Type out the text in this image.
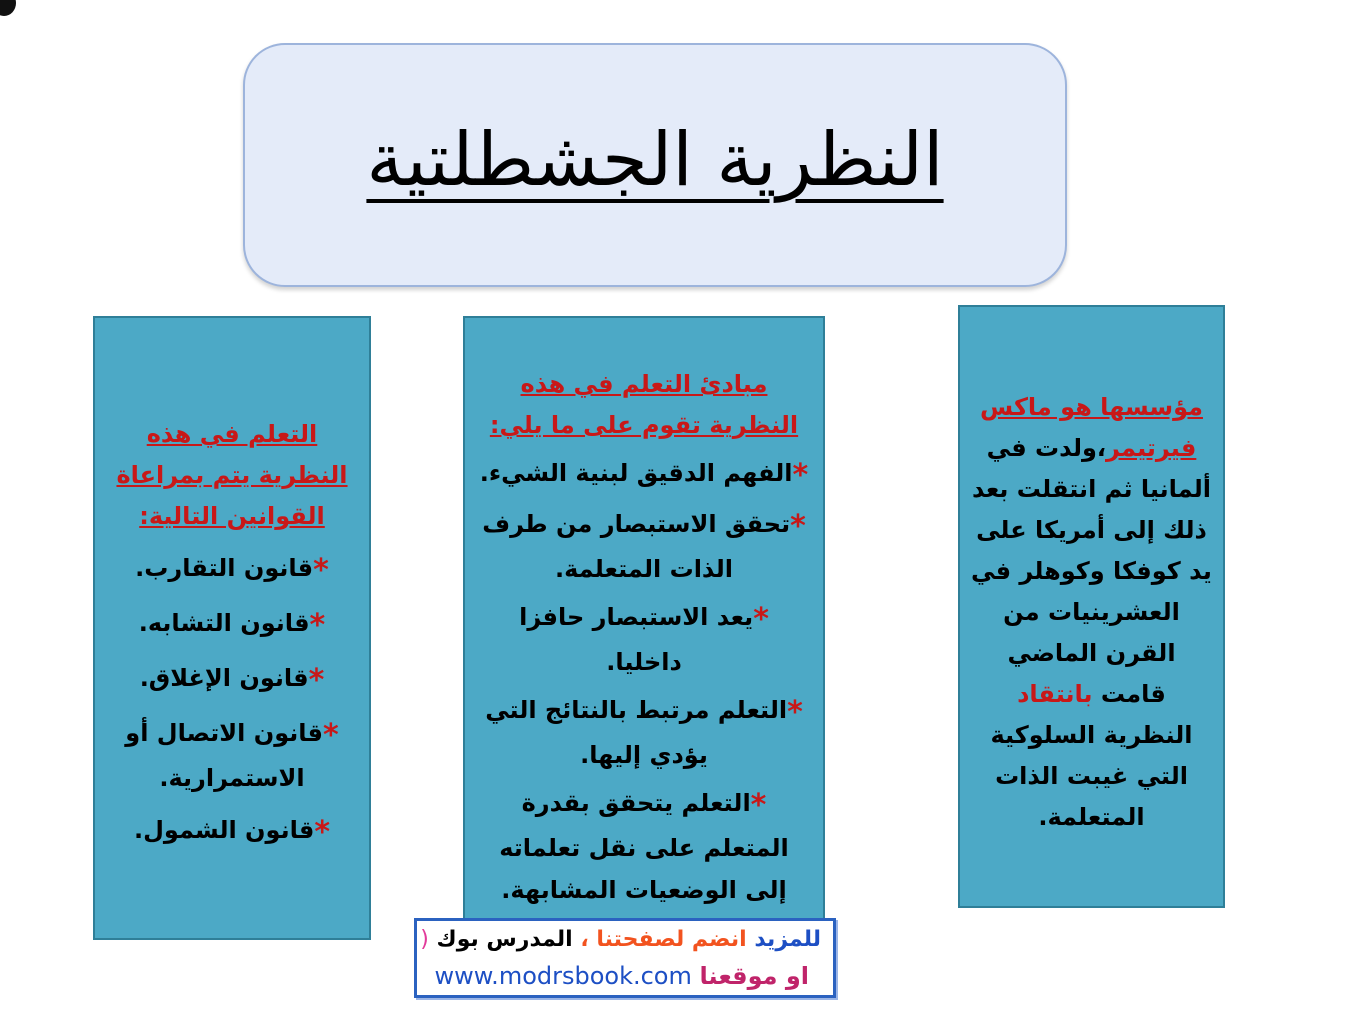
النظرية الجشطلتية
مؤسسها هو ماكس فيرتيمر،ولدت في ألمانيا ثم انتقلت بعد ذلك إلى أمريكا على يد كوفكا وكوهلر في العشرينيات من القرن الماضي
قامت بانتقاد النظرية السلوكية التي غيبت الذات المتعلمة.
مبادئ التعلم في هذه النظرية تقوم على ما يلي:
*الفهم الدقيق لبنية الشيء.
*تحقق الاستبصار من طرف الذات المتعلمة.
*يعد الاستبصار حافزا داخليا.
*التعلم مرتبط بالنتائج التي يؤدي إليها.
*التعلم يتحقق بقدرة المتعلم على نقل تعلماته إلى الوضعيات المشابهة.
التعلم في هذه النظرية يتم بمراعاة القوانين التالية:
*قانون التقارب.
*قانون التشابه.
*قانون الإغلاق.
*قانون الاتصال أو الاستمرارية.
*قانون الشمول.
للمزيد انضم لصفحتنا ، المدرس بوك (
او موقعنا www.modrsbook.com
